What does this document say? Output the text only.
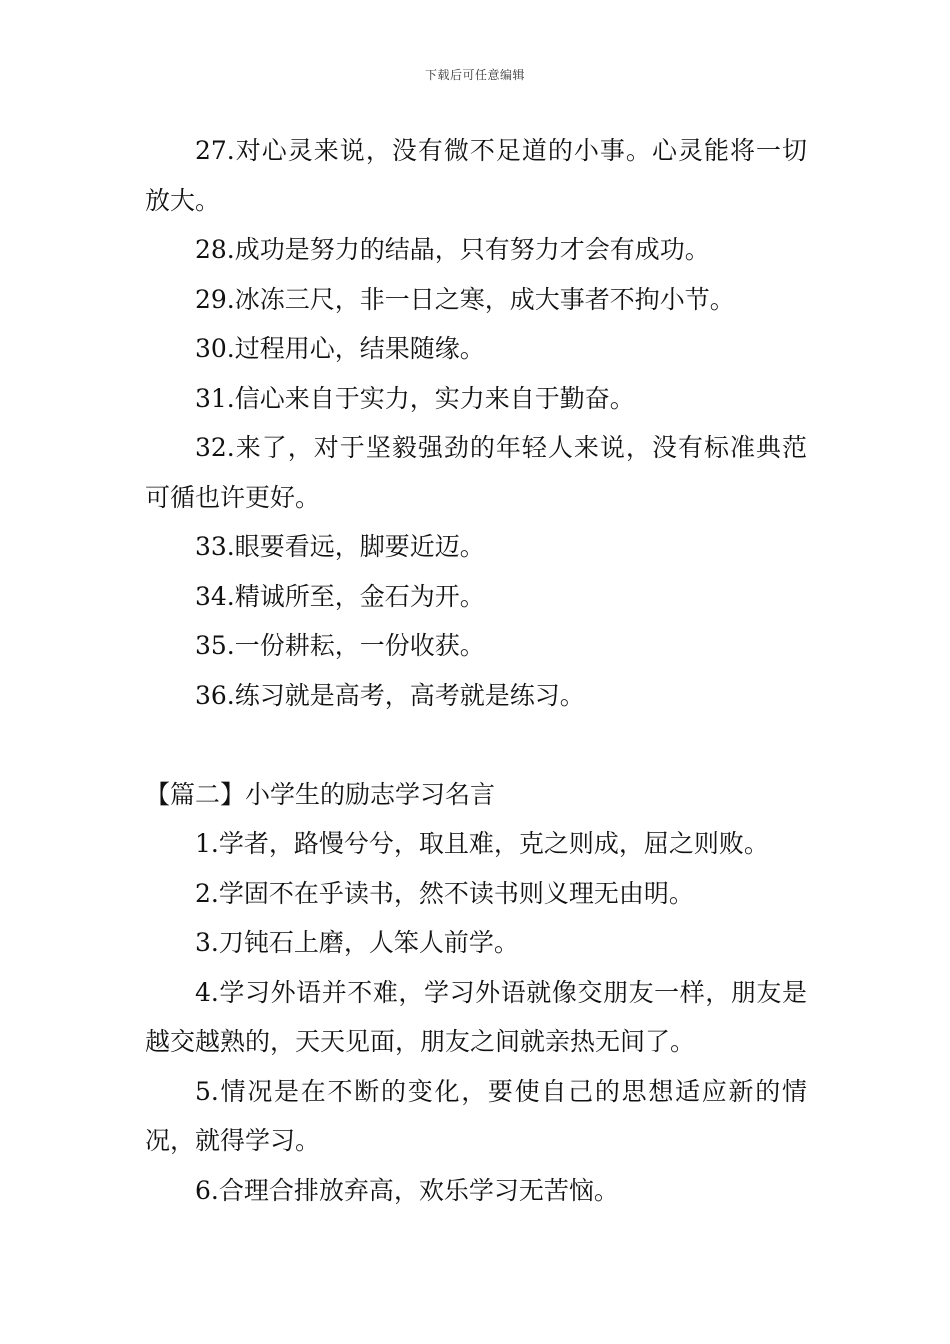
下载后可任意编辑

27.对心灵来说，没有微不足道的小事。心灵能将一切放大。

28.成功是努力的结晶，只有努力才会有成功。

29.冰冻三尺，非一日之寒，成大事者不拘小节。

30.过程用心，结果随缘。

31.信心来自于实力，实力来自于勤奋。

32.来了，对于坚毅强劲的年轻人来说，没有标准典范可循也许更好。

33.眼要看远，脚要近迈。

34.精诚所至，金石为开。

35.一份耕耘，一份收获。

36.练习就是高考，高考就是练习。

【篇二】小学生的励志学习名言

1.学者，路慢兮兮，取且难，克之则成，屈之则败。

2.学固不在乎读书，然不读书则义理无由明。

3.刀钝石上磨，人笨人前学。

4.学习外语并不难，学习外语就像交朋友一样，朋友是越交越熟的，天天见面，朋友之间就亲热无间了。

5.情况是在不断的变化，要使自己的思想适应新的情况，就得学习。

6.合理合排放弃高，欢乐学习无苦恼。
